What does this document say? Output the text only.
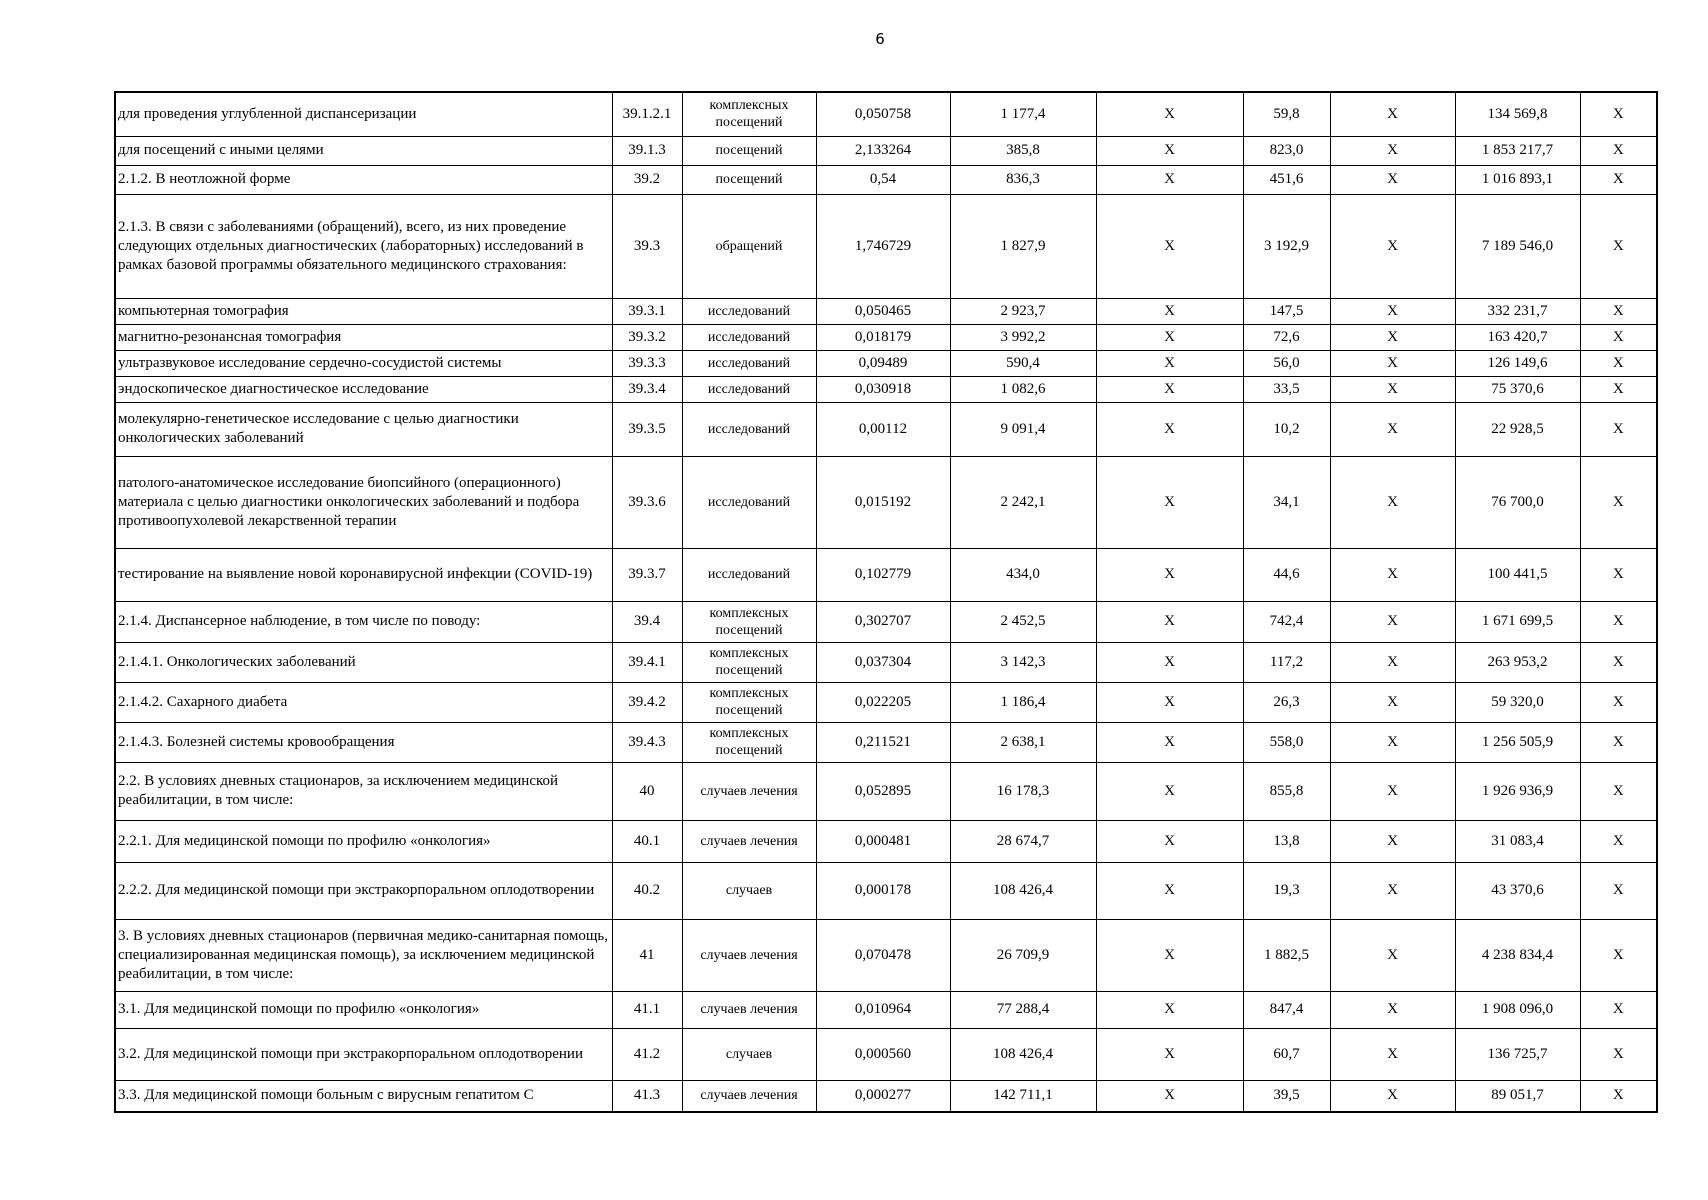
6
для проведения углубленной диспансеризации	39.1.2.1	комплексных посещений	0,050758	1 177,4	X	59,8	X	134 569,8	X
для посещений с иными целями	39.1.3	посещений	2,133264	385,8	X	823,0	X	1 853 217,7	X
2.1.2. В неотложной форме	39.2	посещений	0,54	836,3	X	451,6	X	1 016 893,1	X
2.1.3. В связи с заболеваниями (обращений), всего, из них проведение следующих отдельных диагностических (лабораторных) исследований в рамках базовой программы обязательного медицинского страхования:	39.3	обращений	1,746729	1 827,9	X	3 192,9	X	7 189 546,0	X
компьютерная томография	39.3.1	исследований	0,050465	2 923,7	X	147,5	X	332 231,7	X
магнитно-резонансная томография	39.3.2	исследований	0,018179	3 992,2	X	72,6	X	163 420,7	X
ультразвуковое исследование сердечно-сосудистой системы	39.3.3	исследований	0,09489	590,4	X	56,0	X	126 149,6	X
эндоскопическое диагностическое исследование	39.3.4	исследований	0,030918	1 082,6	X	33,5	X	75 370,6	X
молекулярно-генетическое исследование с целью диагностики онкологических заболеваний	39.3.5	исследований	0,00112	9 091,4	X	10,2	X	22 928,5	X
патолого-анатомическое исследование биопсийного (операционного) материала с целью диагностики онкологических заболеваний и подбора противоопухолевой лекарственной терапии	39.3.6	исследований	0,015192	2 242,1	X	34,1	X	76 700,0	X
тестирование на выявление новой коронавирусной инфекции (COVID-19)	39.3.7	исследований	0,102779	434,0	X	44,6	X	100 441,5	X
2.1.4. Диспансерное наблюдение, в том числе по поводу:	39.4	комплексных посещений	0,302707	2 452,5	X	742,4	X	1 671 699,5	X
2.1.4.1. Онкологических заболеваний	39.4.1	комплексных посещений	0,037304	3 142,3	X	117,2	X	263 953,2	X
2.1.4.2. Сахарного диабета	39.4.2	комплексных посещений	0,022205	1 186,4	X	26,3	X	59 320,0	X
2.1.4.3. Болезней системы кровообращения	39.4.3	комплексных посещений	0,211521	2 638,1	X	558,0	X	1 256 505,9	X
2.2. В условиях дневных стационаров, за исключением медицинской реабилитации, в том числе:	40	случаев лечения	0,052895	16 178,3	X	855,8	X	1 926 936,9	X
2.2.1. Для медицинской помощи по профилю «онкология»	40.1	случаев лечения	0,000481	28 674,7	X	13,8	X	31 083,4	X
2.2.2. Для медицинской помощи при экстракорпоральном оплодотворении	40.2	случаев	0,000178	108 426,4	X	19,3	X	43 370,6	X
3. В условиях дневных стационаров (первичная медико-санитарная помощь, специализированная медицинская помощь), за исключением медицинской реабилитации, в том числе:	41	случаев лечения	0,070478	26 709,9	X	1 882,5	X	4 238 834,4	X
3.1. Для медицинской помощи по профилю «онкология»	41.1	случаев лечения	0,010964	77 288,4	X	847,4	X	1 908 096,0	X
3.2. Для медицинской помощи при экстракорпоральном оплодотворении	41.2	случаев	0,000560	108 426,4	X	60,7	X	136 725,7	X
3.3. Для медицинской помощи больным с вирусным гепатитом С	41.3	случаев лечения	0,000277	142 711,1	X	39,5	X	89 051,7	X
